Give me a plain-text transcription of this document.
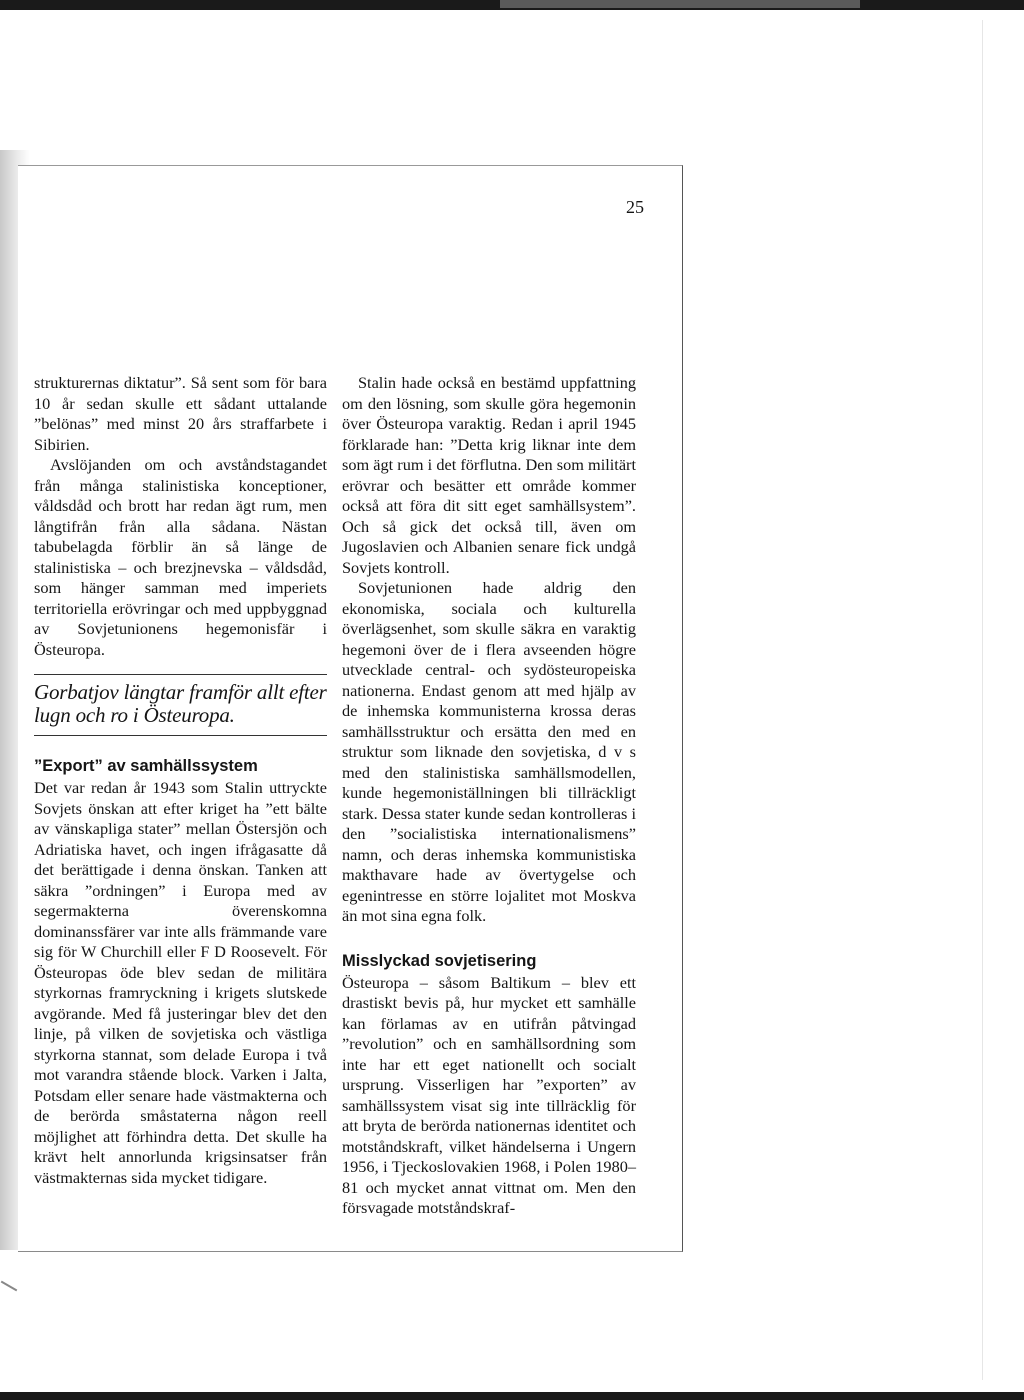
25

strukturernas diktatur”. Så sent som för bara 10 år sedan skulle ett sådant uttalande ”belönas” med minst 20 års straffarbete i Sibirien.

Avslöjanden om och avståndstagandet från många stalinistiska konceptioner, våldsdåd och brott har redan ägt rum, men långtifrån från alla sådana. Nästan tabubelagda förblir än så länge de stalinistiska – och brezjnevska – våldsdåd, som hänger samman med imperiets territoriella erövringar och med uppbyggnad av Sovjetunionens hegemonisfär i Östeuropa.

Gorbatjov längtar framför allt efter lugn och ro i Östeuropa.
”Export” av samhällssystem

Det var redan år 1943 som Stalin uttryckte Sovjets önskan att efter kriget ha ”ett bälte av vänskapliga stater” mellan Östersjön och Adriatiska havet, och ingen ifrågasatte då det berättigade i denna önskan. Tanken att säkra ”ordningen” i Europa med av segermakterna överenskomna dominanssfärer var inte alls främmande vare sig för W Churchill eller F D Roosevelt. För Östeuropas öde blev sedan de militära styrkornas framryckning i krigets slutskede avgörande. Med få justeringar blev det den linje, på vilken de sovjetiska och västliga styrkorna stannat, som delade Europa i två mot varandra stående block. Varken i Jalta, Potsdam eller senare hade västmakterna och de berörda småstaterna någon reell möjlighet att förhindra detta. Det skulle ha krävt helt annorlunda krigsinsatser från västmakternas sida mycket tidigare.

Stalin hade också en bestämd uppfattning om den lösning, som skulle göra hegemonin över Östeuropa varaktig. Redan i april 1945 förklarade han: ”Detta krig liknar inte dem som ägt rum i det förflutna. Den som militärt erövrar och besätter ett område kommer också att föra dit sitt eget samhällsystem”. Och så gick det också till, även om Jugoslavien och Albanien senare fick undgå Sovjets kontroll.

Sovjetunionen hade aldrig den ekonomiska, sociala och kulturella överlägsenhet, som skulle säkra en varaktig hegemoni över de i flera avseenden högre utvecklade central- och sydösteuropeiska nationerna. Endast genom att med hjälp av de inhemska kommunisterna krossa deras samhällsstruktur och ersätta den med en struktur som liknade den sovjetiska, d v s med den stalinistiska samhällsmodellen, kunde hegemoniställningen bli tillräckligt stark. Dessa stater kunde sedan kontrolleras i den ”socialistiska internationalismens” namn, och deras inhemska kommunistiska makthavare hade av övertygelse och egenintresse en större lojalitet mot Moskva än mot sina egna folk.

Misslyckad sovjetisering

Östeuropa – såsom Baltikum – blev ett drastiskt bevis på, hur mycket ett samhälle kan förlamas av en utifrån påtvingad ”revolution” och en samhällsordning som inte har ett eget nationellt och socialt ursprung. Visserligen har ”exporten” av samhällssystem visat sig inte tillräcklig för att bryta de berörda nationernas identitet och motståndskraft, vilket händelserna i Ungern 1956, i Tjeckoslovakien 1968, i Polen 1980–81 och mycket annat vittnat om. Men den försvagade motståndskraf-
